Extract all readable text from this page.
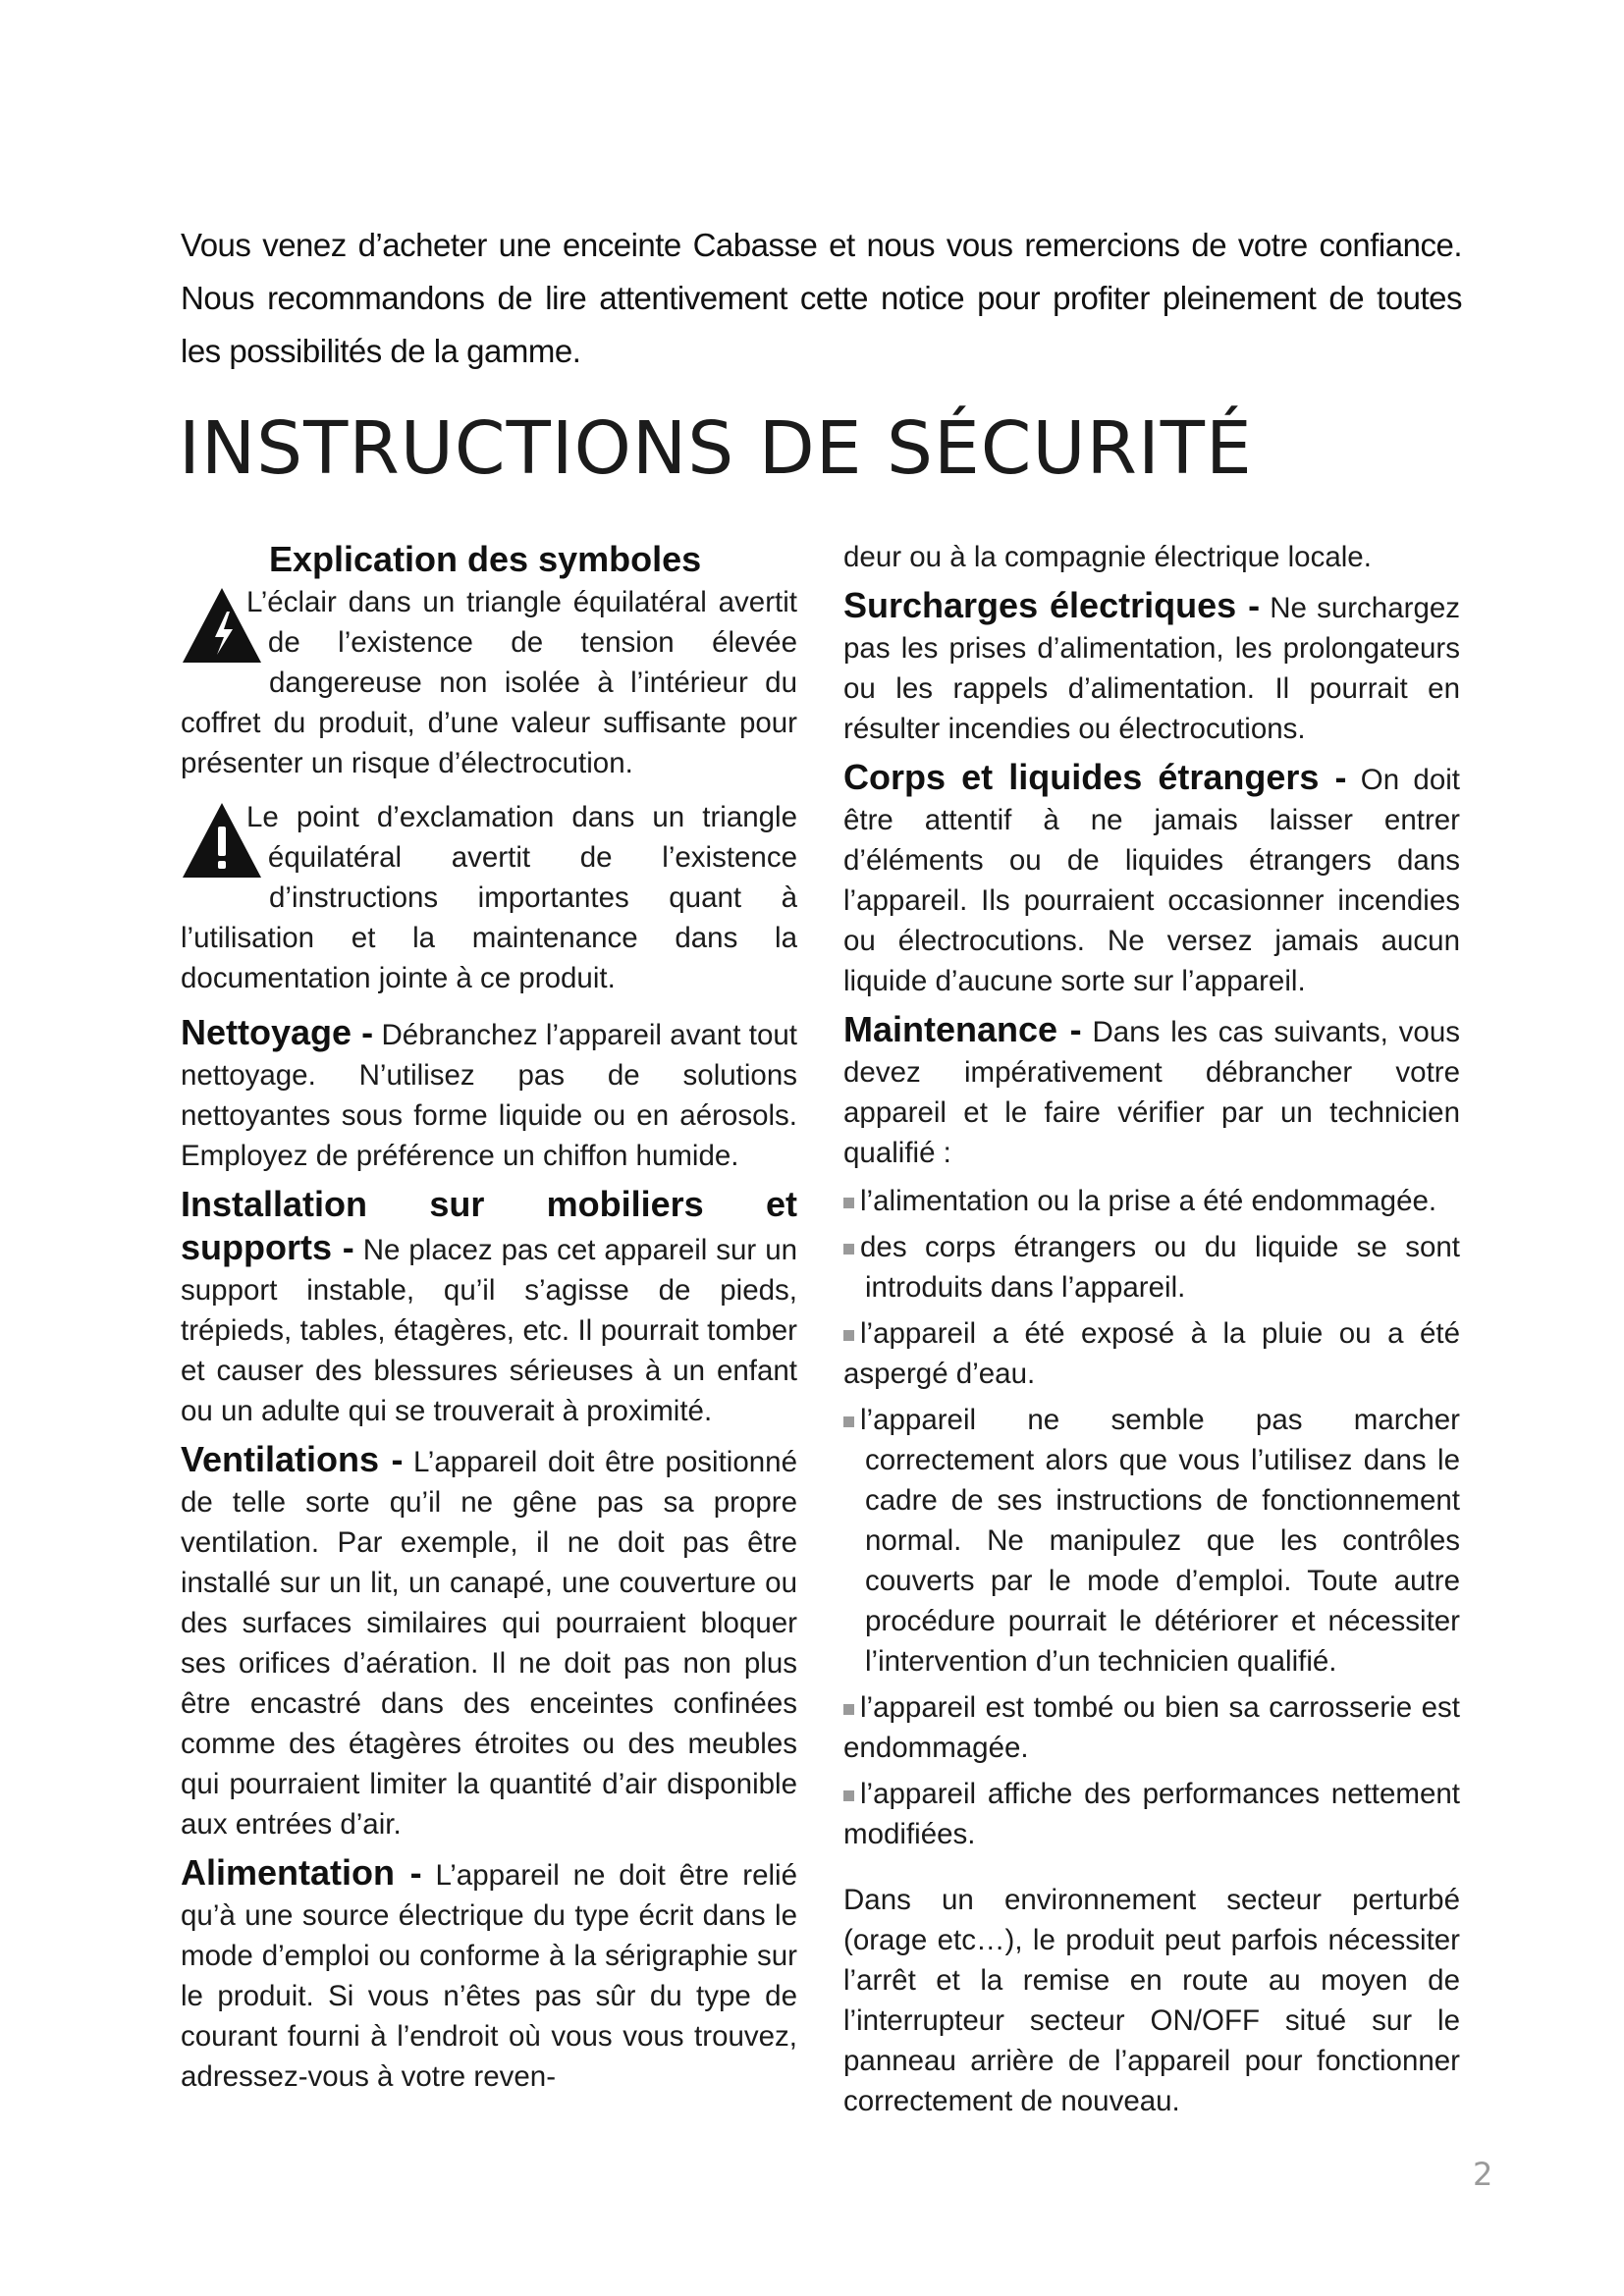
Vous venez d’acheter une enceinte Cabasse et nous vous remercions de votre confiance. Nous recommandons de lire attentivement cette notice pour profiter pleinement de toutes les possibilités de la gamme.

INSTRUCTIONS DE SÉCURITÉ
Explication des symboles

L’éclair dans un triangle équilatéral avertit de l’existence de tension élevée dangereuse non isolée à l’intérieur du coffret du produit, d’une valeur suffisante pour présenter un risque d’électrocution.

Le point d’exclamation dans un triangle équilatéral avertit de l’existence d’instructions importantes quant à l’utilisation et la maintenance dans la documentation jointe à ce produit.

Nettoyage - Débranchez l’appareil avant tout nettoyage. N’utilisez pas de solutions nettoyantes sous forme liquide ou en aérosols. Employez de préférence un chiffon humide.

Installation sur mobiliers et supports - Ne placez pas cet appareil sur un support instable, qu’il s’agisse de pieds, trépieds, tables, étagères, etc. Il pourrait tomber et causer des blessures sérieuses à un enfant ou un adulte qui se trouverait à proximité.

Ventilations - L’appareil doit être positionné de telle sorte qu’il ne gêne pas sa propre ventilation. Par exemple, il ne doit pas être installé sur un lit, un canapé, une couverture ou des surfaces similaires qui pourraient bloquer ses orifices d’aération. Il ne doit pas non plus être encastré dans des enceintes confinées comme des étagères étroites ou des meubles qui pourraient limiter la quantité d’air disponible aux entrées d’air.

Alimentation - L’appareil ne doit être relié qu’à une source électrique du type écrit dans le mode d’emploi ou conforme à la sérigraphie sur le produit. Si vous n’êtes pas sûr du type de courant fourni à l’endroit où vous vous trouvez, adressez-vous à votre reven-

deur ou à la compagnie électrique locale.

Surcharges électriques - Ne surchargez pas les prises d’alimentation, les prolongateurs ou les rappels d’alimentation. Il pourrait en résulter incendies ou électrocutions.

Corps et liquides étrangers - On doit être attentif à ne jamais laisser entrer d’éléments ou de liquides étrangers dans l’appareil. Ils pourraient occasionner incendies ou électrocutions. Ne versez jamais aucun liquide d’aucune sorte sur l’appareil.

Maintenance - Dans les cas suivants, vous devez impérativement débrancher votre appareil et le faire vérifier par un technicien qualifié :

l’alimentation ou la prise a été endommagée.

des corps étrangers ou du liquide se sont introduits dans l’appareil.

l’appareil a été exposé à la pluie ou a été aspergé d’eau.

l’appareil ne semble pas marcher correctement alors que vous l’utilisez dans le cadre de ses instructions de fonctionnement normal. Ne manipulez que les contrôles couverts par le mode d’emploi. Toute autre procédure pourrait le détériorer et nécessiter l’intervention d’un technicien qualifié.

l’appareil est tombé ou bien sa carrosserie est endommagée.

l’appareil affiche des performances nettement modifiées.

Dans un environnement secteur perturbé (orage etc…), le produit peut parfois nécessiter l’arrêt et la remise en route au moyen de l’interrupteur secteur ON/OFF situé sur le panneau arrière de l’appareil pour fonctionner correctement de nouveau.

2
